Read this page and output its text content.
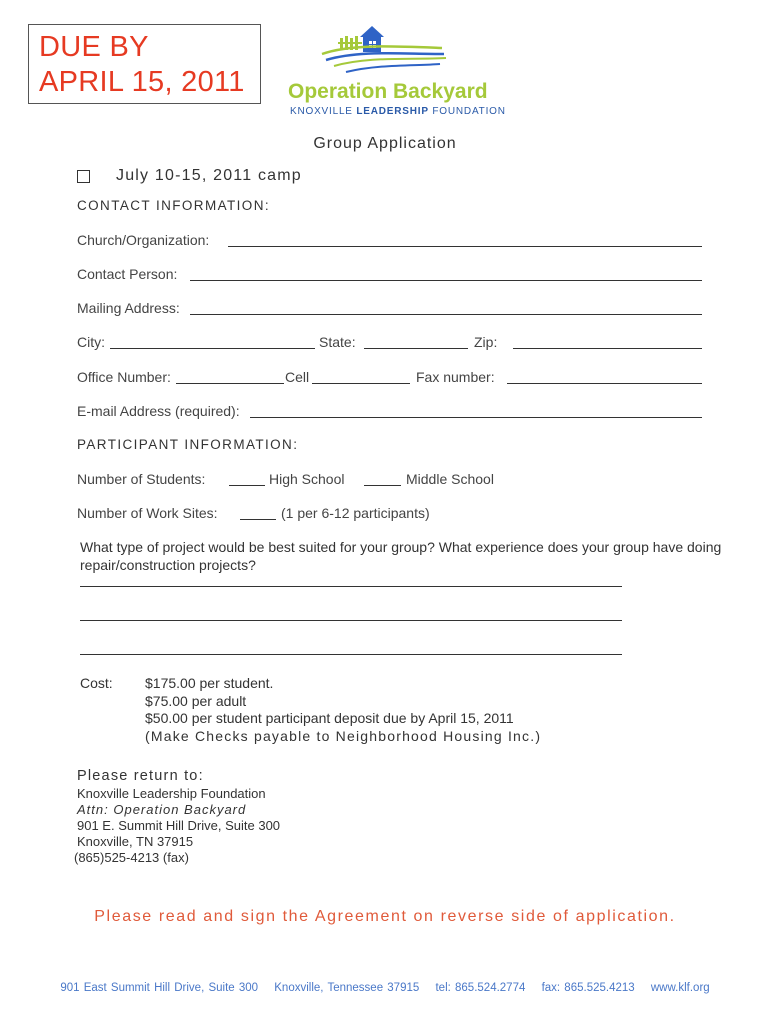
DUE BY
APRIL 15, 2011 Operation Backyard
KNOXVILLE LEADERSHIP FOUNDATION
Group Application
July 10-15, 2011 camp
CONTACT INFORMATION:
Church/Organization:
Contact Person:
Mailing Address:
City:	State:	Zip:
Office Number:	Cell	Fax number:
E-mail Address (required):
PARTICIPANT INFORMATION:
Number of Students:	High School	Middle School
Number of Work Sites:	(1 per 6-12 participants)
What type of project would be best suited for your group? What experience does your group have doing repair/construction projects?
Cost: $175.00 per student.
$75.00 per adult
$50.00 per student participant deposit due by April 15, 2011
(Make Checks payable to Neighborhood Housing Inc.)
Please return to:
Knoxville Leadership Foundation
Attn: Operation Backyard
901 E. Summit Hill Drive, Suite 300
Knoxville, TN 37915
(865)525-4213 (fax)
Please read and sign the Agreement on reverse side of application.
901 East Summit Hill Drive, Suite 300 Knoxville, Tennessee 37915 tel: 865.524.2774 fax: 865.525.4213 www.klf.org
